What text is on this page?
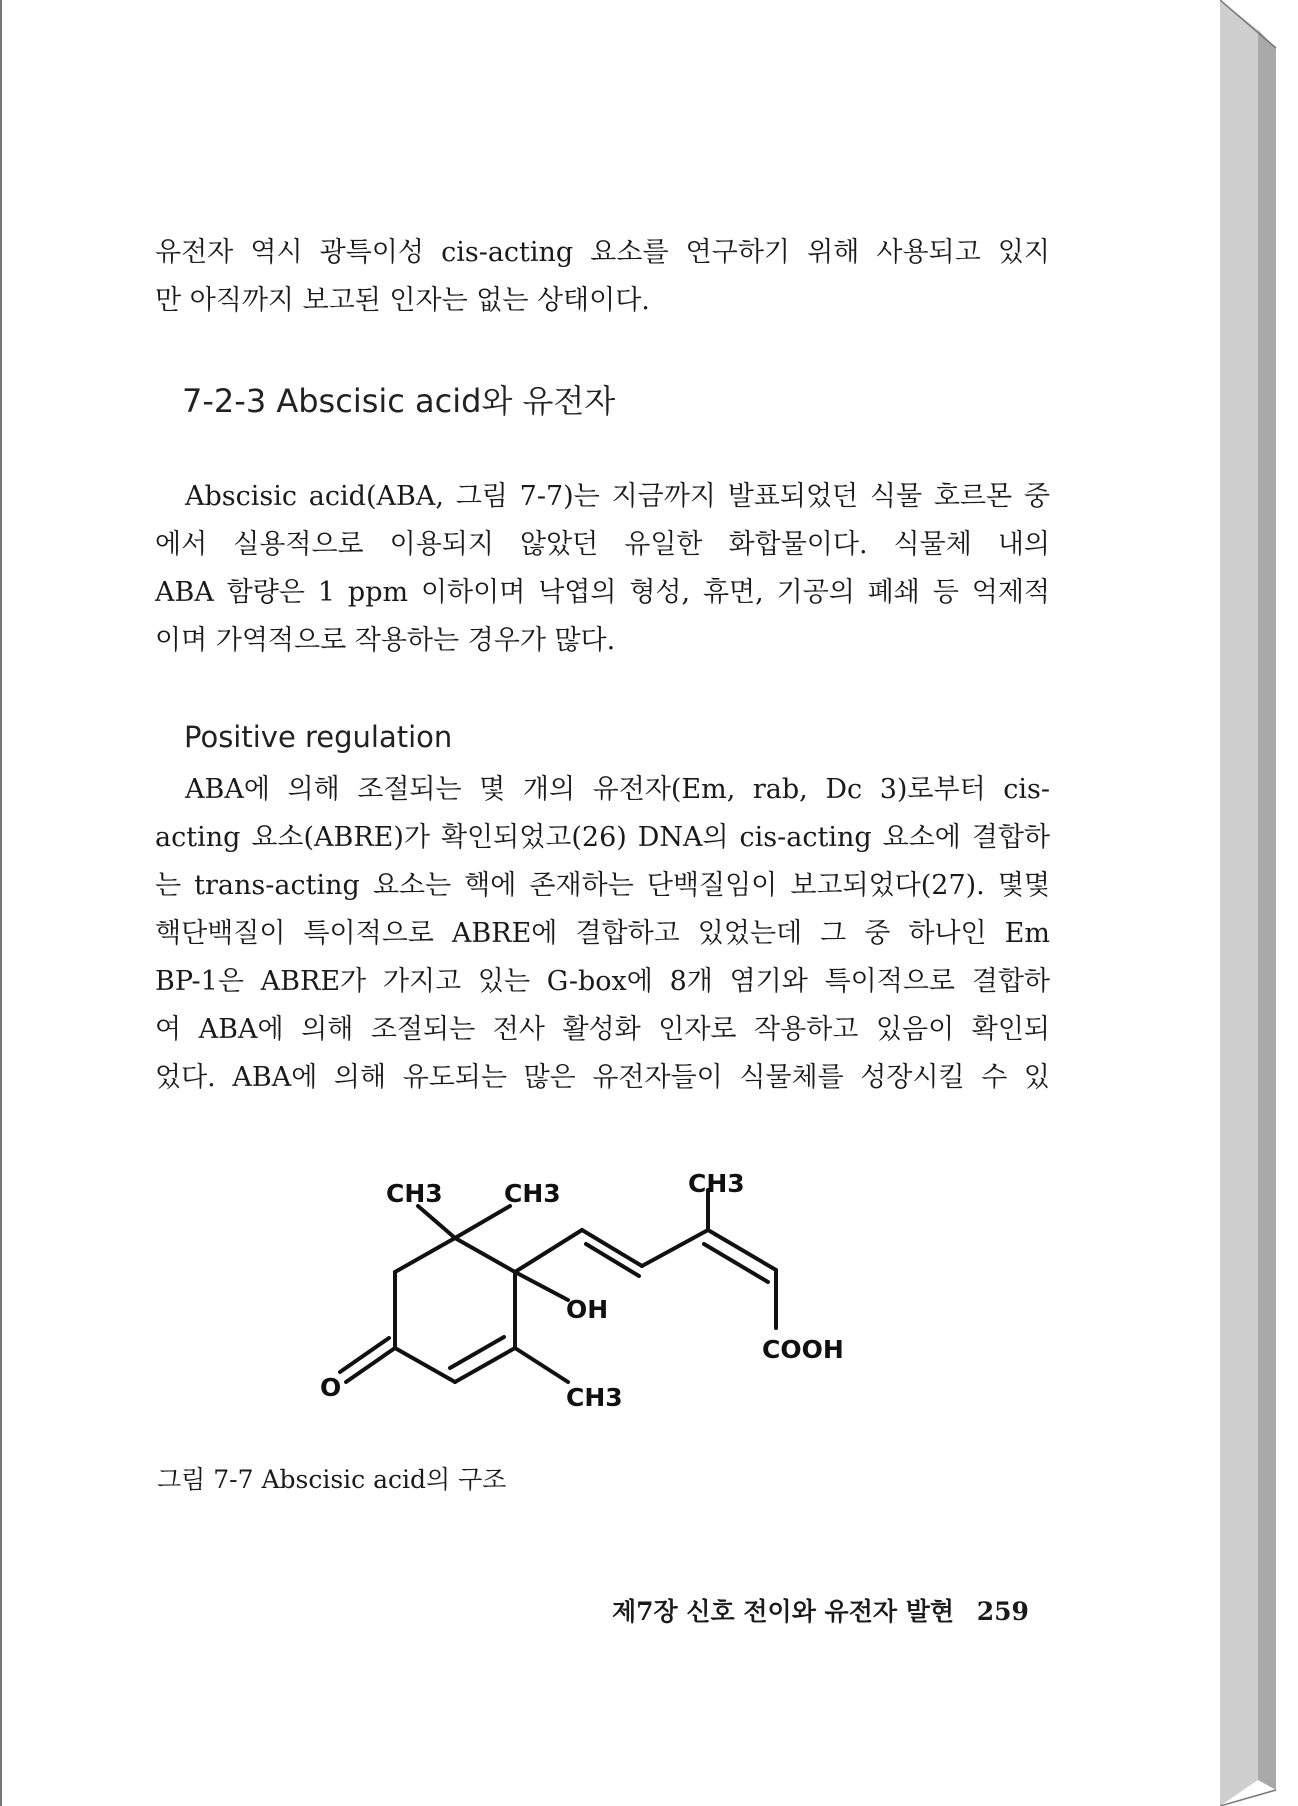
유전자 역시 광특이성 cis-acting 요소를 연구하기 위해 사용되고 있지
만 아직까지 보고된 인자는 없는 상태이다.
7-2-3 Abscisic acid와 유전자
Abscisic acid(ABA, 그림 7-7)는 지금까지 발표되었던 식물 호르몬 중
에서 실용적으로 이용되지 않았던 유일한 화합물이다. 식물체 내의
ABA 함량은 1 ppm 이하이며 낙엽의 형성, 휴면, 기공의 폐쇄 등 억제적
이며 가역적으로 작용하는 경우가 많다.
Positive regulation
ABA에 의해 조절되는 몇 개의 유전자(Em, rab, Dc 3)로부터 cis-
acting 요소(ABRE)가 확인되었고(26) DNA의 cis-acting 요소에 결합하
는 trans-acting 요소는 핵에 존재하는 단백질임이 보고되었다(27). 몇몇
핵단백질이 특이적으로 ABRE에 결합하고 있었는데 그 중 하나인 Em
BP-1은 ABRE가 가지고 있는 G-box에 8개 염기와 특이적으로 결합하
여 ABA에 의해 조절되는 전사 활성화 인자로 작용하고 있음이 확인되
었다. ABA에 의해 유도되는 많은 유전자들이 식물체를 성장시킬 수 있
CH3 CH3	CH3
CH3
OH
COOH
O
그림 7-7 Abscisic acid의 구조
제7장 신호 전이와 유전자 발현 259
